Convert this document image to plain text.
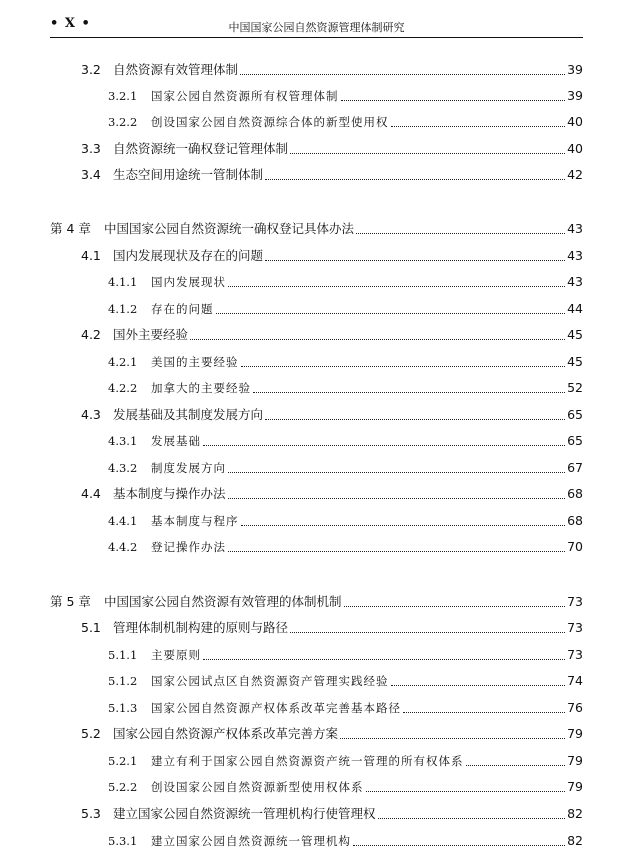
• X •	中国国家公园自然资源管理体制研究
3.2 自然资源有效管理体制	39
3.2.1 国家公园自然资源所有权管理体制	39
3.2.2 创设国家公园自然资源综合体的新型使用权	40
3.3 自然资源统一确权登记管理体制	40
3.4 生态空间用途统一管制体制	42
第 4 章 中国国家公园自然资源统一确权登记具体办法	43
4.1 国内发展现状及存在的问题	43
4.1.1 国内发展现状	43
4.1.2 存在的问题	44
4.2 国外主要经验	45
4.2.1 美国的主要经验	45
4.2.2 加拿大的主要经验	52
4.3 发展基础及其制度发展方向	65
4.3.1 发展基础	65
4.3.2 制度发展方向	67
4.4 基本制度与操作办法	68
4.4.1 基本制度与程序	68
4.4.2 登记操作办法	70
第 5 章 中国国家公园自然资源有效管理的体制机制	73
5.1 管理体制机制构建的原则与路径	73
5.1.1 主要原则	73
5.1.2 国家公园试点区自然资源资产管理实践经验	74
5.1.3 国家公园自然资源产权体系改革完善基本路径	76
5.2 国家公园自然资源产权体系改革完善方案	79
5.2.1 建立有利于国家公园自然资源资产统一管理的所有权体系	79
5.2.2 创设国家公园自然资源新型使用权体系	79
5.3 建立国家公园自然资源统一管理机构行使管理权	82
5.3.1 建立国家公园自然资源统一管理机构	82
